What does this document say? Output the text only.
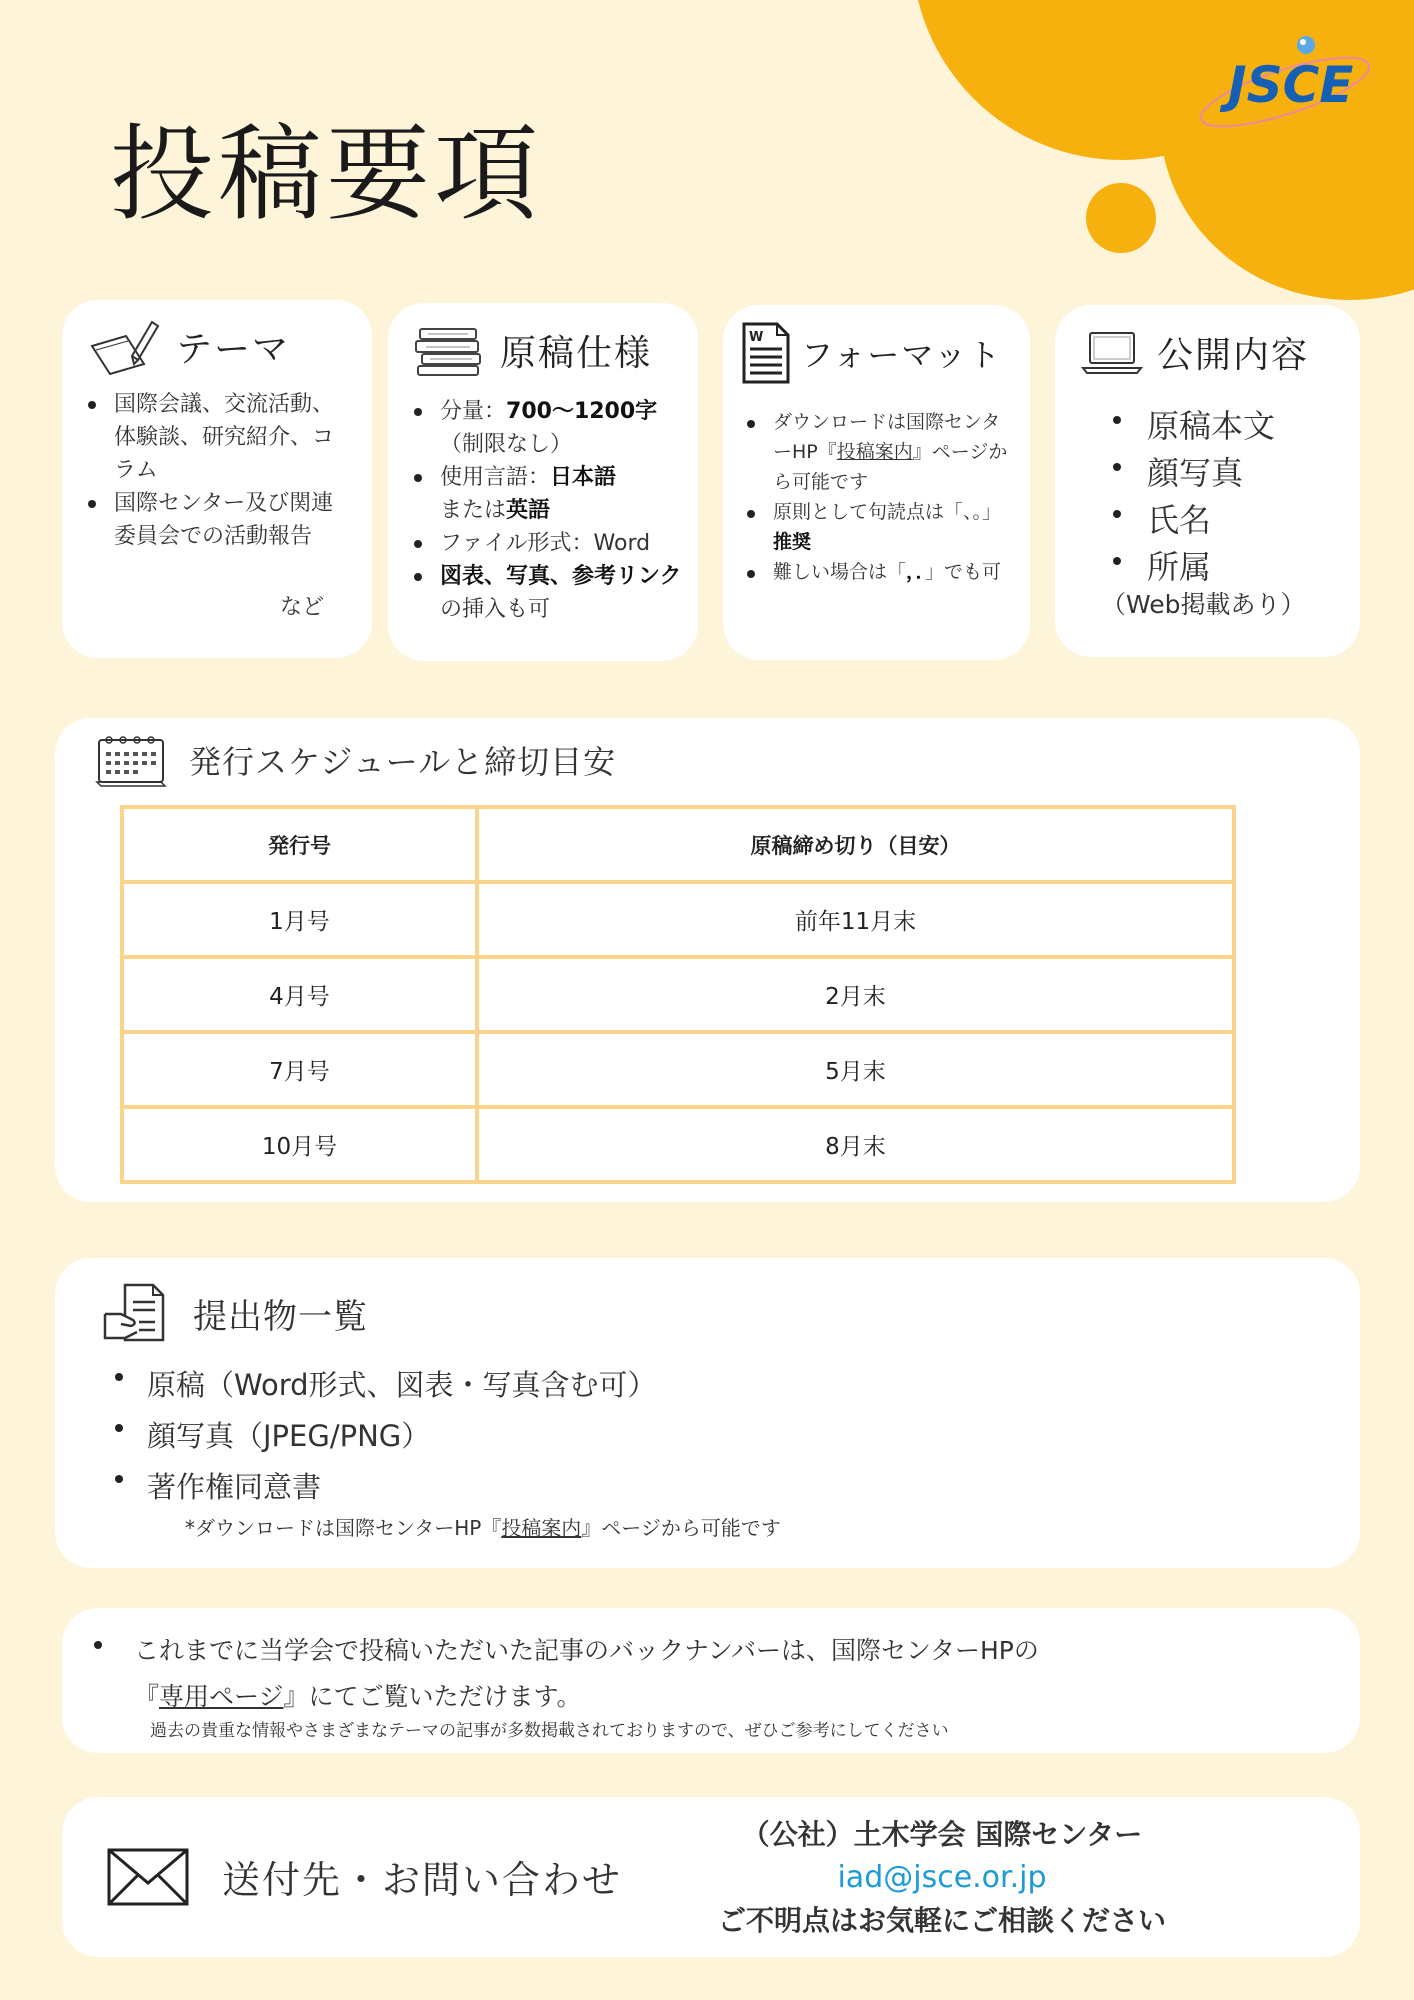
JSCE
投稿要項
テーマ
国際会議、交流活動、体験談、研究紹介、コラム
国際センター及び関連委員会での活動報告
など
原稿仕様
分量：700〜1200字
（制限なし）
使用言語：日本語
または英語
ファイル形式：Word
図表、写真、参考リンクの挿入も可
W フォーマット
ダウンロードは国際センターHP『投稿案内』ページから可能です
原則として句読点は「、。」推奨
難しい場合は「，．」でも可
公開内容
原稿本文
顔写真
氏名
所属
（Web掲載あり）
発行スケジュールと締切目安
発行号	原稿締め切り（目安）
1月号	前年11月末
4月号	2月末
7月号	5月末
10月号	8月末
提出物一覧
原稿（Word形式、図表・写真含む可）
顔写真（JPEG/PNG）
著作権同意書
*ダウンロードは国際センターHP『投稿案内』ページから可能です
これまでに当学会で投稿いただいた記事のバックナンバーは、国際センターHPの
『専用ページ』にてご覧いただけます。
過去の貴重な情報やさまざまなテーマの記事が多数掲載されておりますので、ぜひご参考にしてください
送付先・お問い合わせ
（公社）土木学会 国際センター
iad@jsce.or.jp
ご不明点はお気軽にご相談ください
